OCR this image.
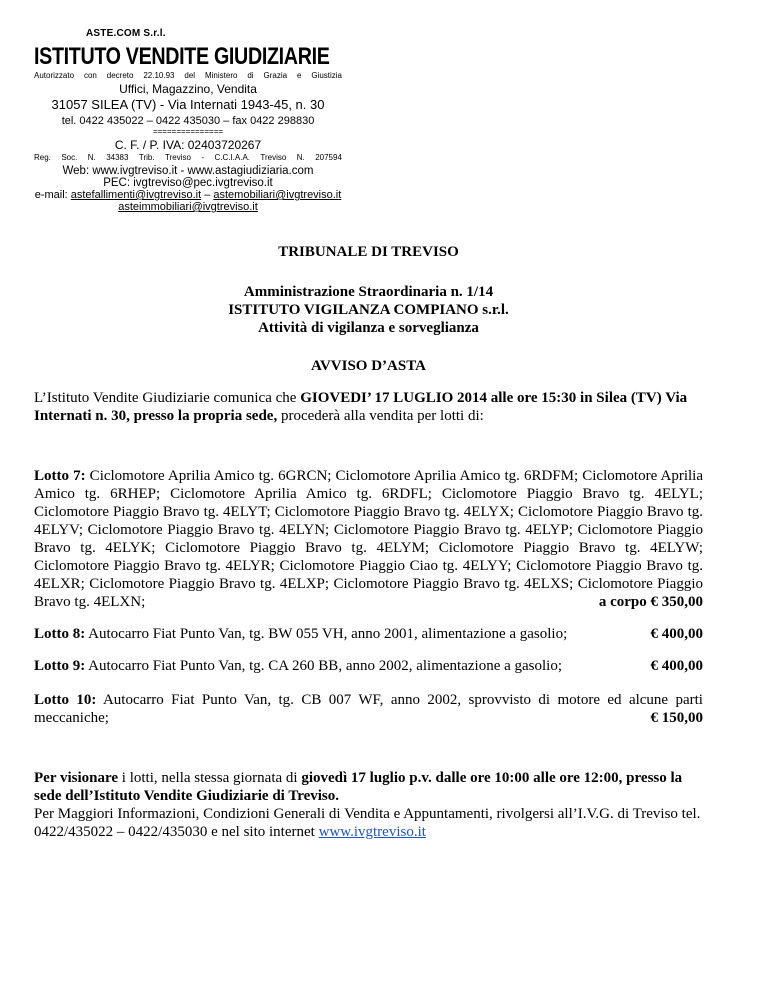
ASTE.COM S.r.l.
ISTITUTO VENDITE GIUDIZIARIE
Autorizzato con decreto 22.10.93 del Ministero di Grazia e Giustizia
Uffici, Magazzino, Vendita
31057 SILEA (TV) - Via Internati 1943-45, n. 30
tel. 0422 435022 – 0422 435030 – fax 0422 298830
===============
C. F. / P. IVA: 02403720267
Reg. Soc. N. 34383 Trib. Treviso - C.C.I.A.A. Treviso N. 207594
Web: www.ivgtreviso.it - www.astagiudiziaria.com
PEC: ivgtreviso@pec.ivgtreviso.it
e-mail: astefallimenti@ivgtreviso.it – astemobiliari@ivgtreviso.it
asteimmobiliari@ivgtreviso.it
TRIBUNALE DI TREVISO
Amministrazione Straordinaria n. 1/14
ISTITUTO VIGILANZA COMPIANO s.r.l.
Attività di vigilanza e sorveglianza
AVVISO D’ASTA

L’Istituto Vendite Giudiziarie comunica che GIOVEDI’ 17 LUGLIO 2014 alle ore 15:30 in Silea (TV) Via Internati n. 30, presso la propria sede, procederà alla vendita per lotti di:

Lotto 7: Ciclomotore Aprilia Amico tg. 6GRCN; Ciclomotore Aprilia Amico tg. 6RDFM; Ciclomotore Aprilia Amico tg. 6RHEP; Ciclomotore Aprilia Amico tg. 6RDFL; Ciclomotore Piaggio Bravo tg. 4ELYL; Ciclomotore Piaggio Bravo tg. 4ELYT; Ciclomotore Piaggio Bravo tg. 4ELYX; Ciclomotore Piaggio Bravo tg. 4ELYV; Ciclomotore Piaggio Bravo tg. 4ELYN; Ciclomotore Piaggio Bravo tg. 4ELYP; Ciclomotore Piaggio Bravo tg. 4ELYK; Ciclomotore Piaggio Bravo tg. 4ELYM; Ciclomotore Piaggio Bravo tg. 4ELYW; Ciclomotore Piaggio Bravo tg. 4ELYR; Ciclomotore Piaggio Ciao tg. 4ELYY; Ciclomotore Piaggio Bravo tg. 4ELXR; Ciclomotore Piaggio Bravo tg. 4ELXP; Ciclomotore Piaggio Bravo tg. 4ELXS; Ciclomotore Piaggio Bravo tg. 4ELXN;	a corpo € 350,00
Lotto 8: Autocarro Fiat Punto Van, tg. BW 055 VH, anno 2001, alimentazione a gasolio;	€ 400,00
Lotto 9: Autocarro Fiat Punto Van, tg. CA 260 BB, anno 2002, alimentazione a gasolio;	€ 400,00
Lotto 10: Autocarro Fiat Punto Van, tg. CB 007 WF, anno 2002, sprovvisto di motore ed alcune parti meccaniche;	€ 150,00

Per visionare i lotti, nella stessa giornata di giovedì 17 luglio p.v. dalle ore 10:00 alle ore 12:00, presso la sede dell’Istituto Vendite Giudiziarie di Treviso.
Per Maggiori Informazioni, Condizioni Generali di Vendita e Appuntamenti, rivolgersi all’I.V.G. di Treviso tel. 0422/435022 – 0422/435030 e nel sito internet www.ivgtreviso.it
